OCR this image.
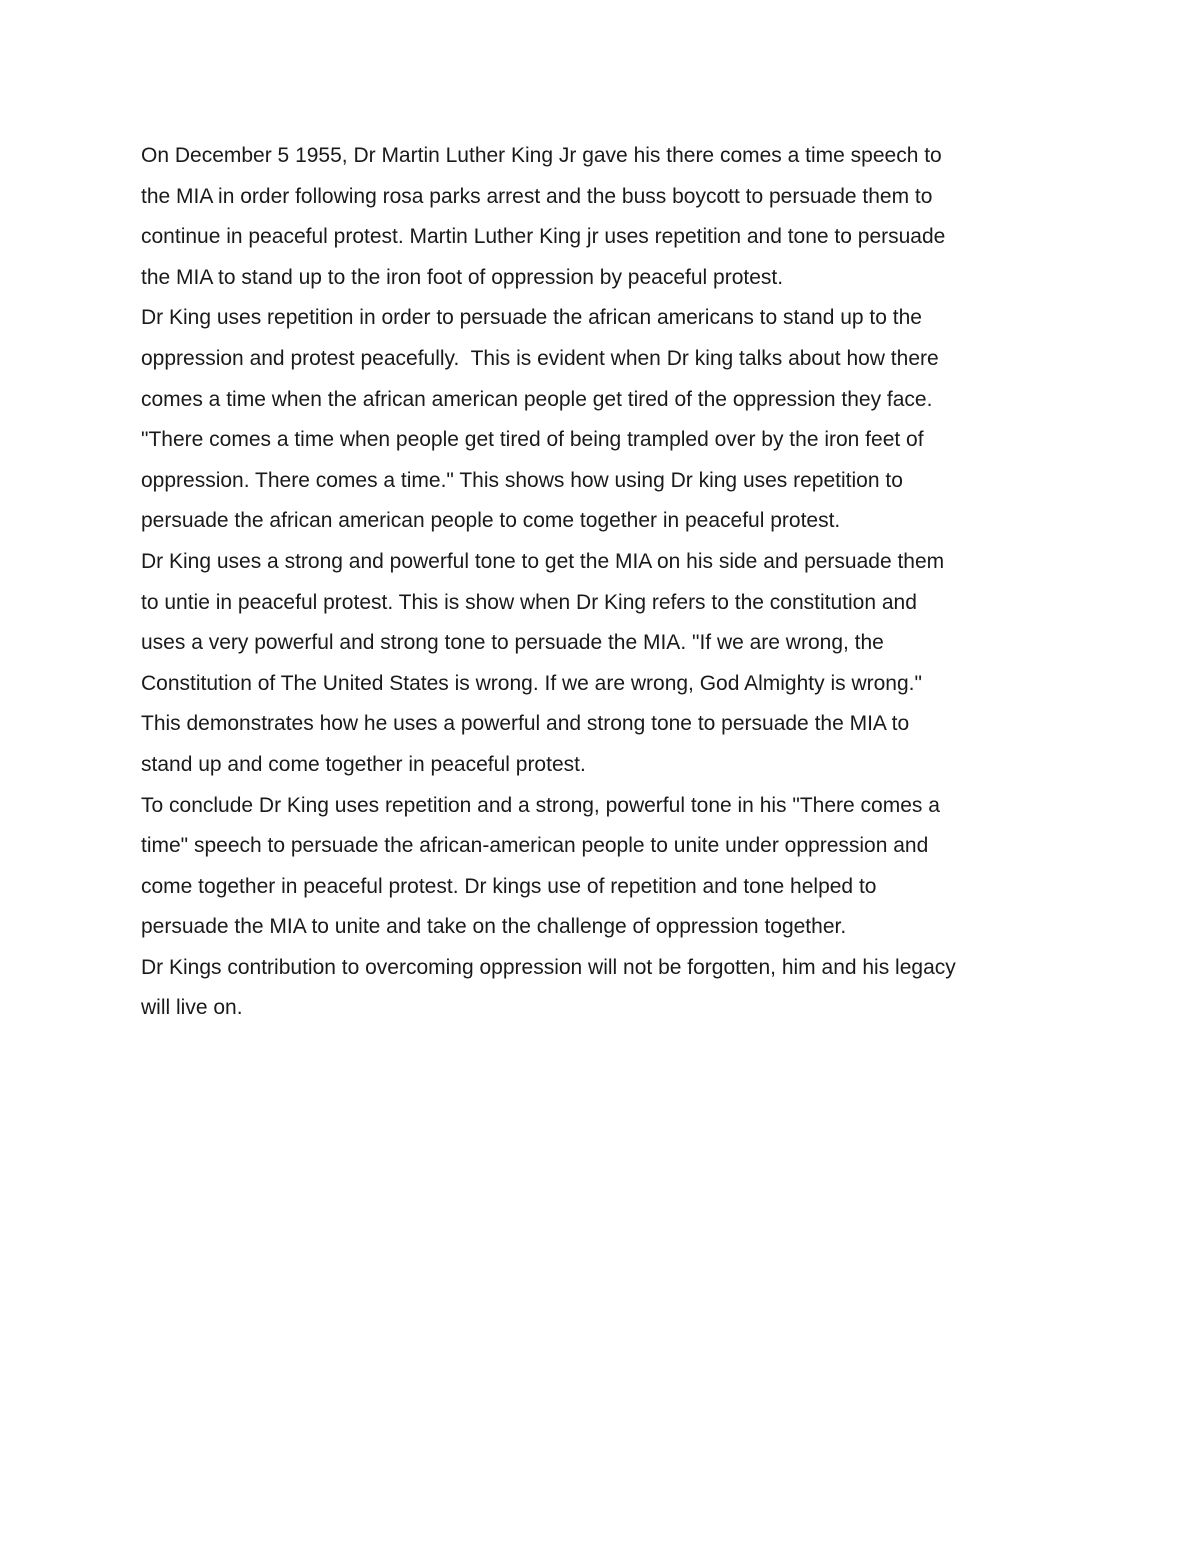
On December 5 1955, Dr Martin Luther King Jr gave his there comes a time speech to
the MIA in order following rosa parks arrest and the buss boycott to persuade them to
continue in peaceful protest. Martin Luther King jr uses repetition and tone to persuade
the MIA to stand up to the iron foot of oppression by peaceful protest.
Dr King uses repetition in order to persuade the african americans to stand up to the
oppression and protest peacefully.  This is evident when Dr king talks about how there
comes a time when the african american people get tired of the oppression they face.
"There comes a time when people get tired of being trampled over by the iron feet of
oppression. There comes a time." This shows how using Dr king uses repetition to
persuade the african american people to come together in peaceful protest.
Dr King uses a strong and powerful tone to get the MIA on his side and persuade them
to untie in peaceful protest. This is show when Dr King refers to the constitution and
uses a very powerful and strong tone to persuade the MIA. "If we are wrong, the
Constitution of The United States is wrong. If we are wrong, God Almighty is wrong."
This demonstrates how he uses a powerful and strong tone to persuade the MIA to
stand up and come together in peaceful protest.
To conclude Dr King uses repetition and a strong, powerful tone in his "There comes a
time" speech to persuade the african-american people to unite under oppression and
come together in peaceful protest. Dr kings use of repetition and tone helped to
persuade the MIA to unite and take on the challenge of oppression together.
Dr Kings contribution to overcoming oppression will not be forgotten, him and his legacy
will live on.
